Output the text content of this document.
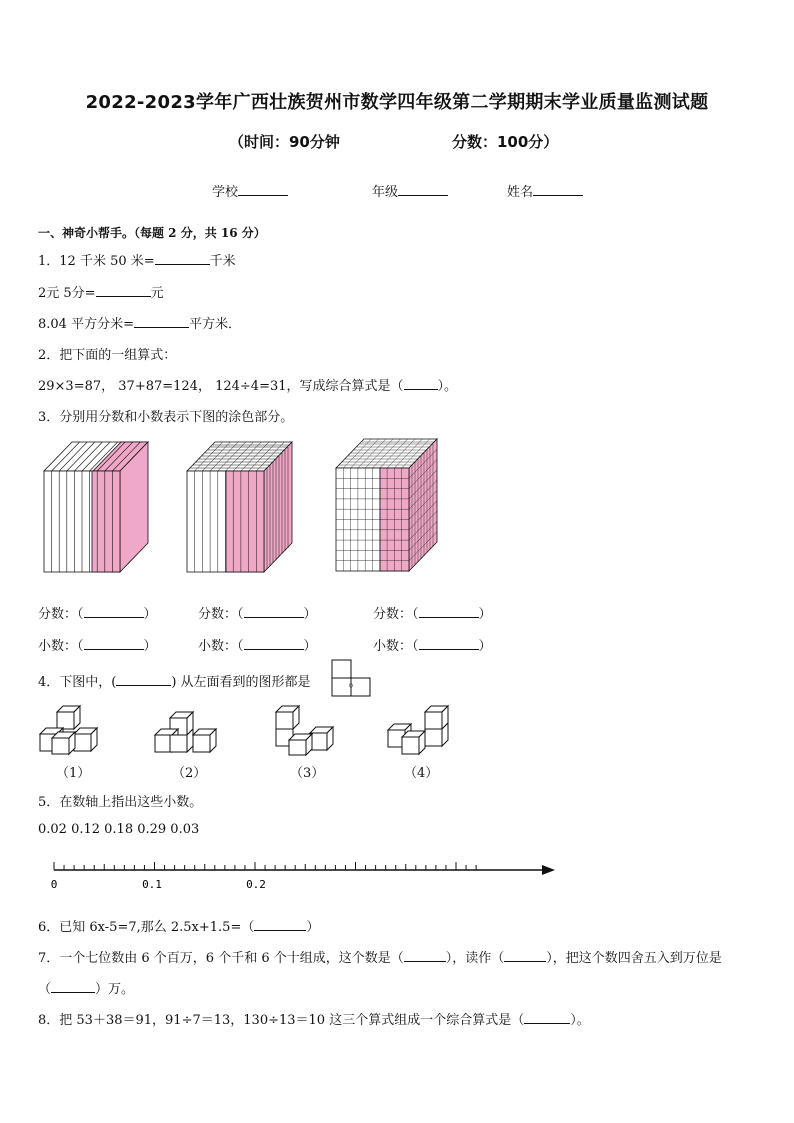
2022-2023学年广西壮族贺州市数学四年级第二学期期末学业质量监测试题
（时间：90分钟	分数：100分）
学校	年级	姓名
一、神奇小帮手。（每题 2 分，共 16 分）
1．12 千米 50 米=	千米
2元 5分=	元
8.04 平方分米=	平方米．
2．把下面的一组算式：
29×3=87， 37+87=124， 124÷4=31，写成综合算式是（	）。
3．分别用分数和小数表示下图的涂色部分。
分数：（	）	分数：（	）	分数：（	）
小数：（	）	小数：（	）	小数：（	）
4．下图中，(	) 从左面看到的图形都是	。
（1）	（2）	（3）	（4）
5．在数轴上指出这些小数。
0.02 0.12 0.18 0.29 0.03
0	0.1	0.2
6．已知 6x-5=7,那么 2.5x+1.5=（	）
7．一个七位数由 6 个百万，6 个千和 6 个十组成，这个数是（	），读作（	），把这个数四舍五入到万位是
（	）万。
8．把 53＋38＝91，91÷7＝13，130÷13＝10 这三个算式组成一个综合算式是（	）。
